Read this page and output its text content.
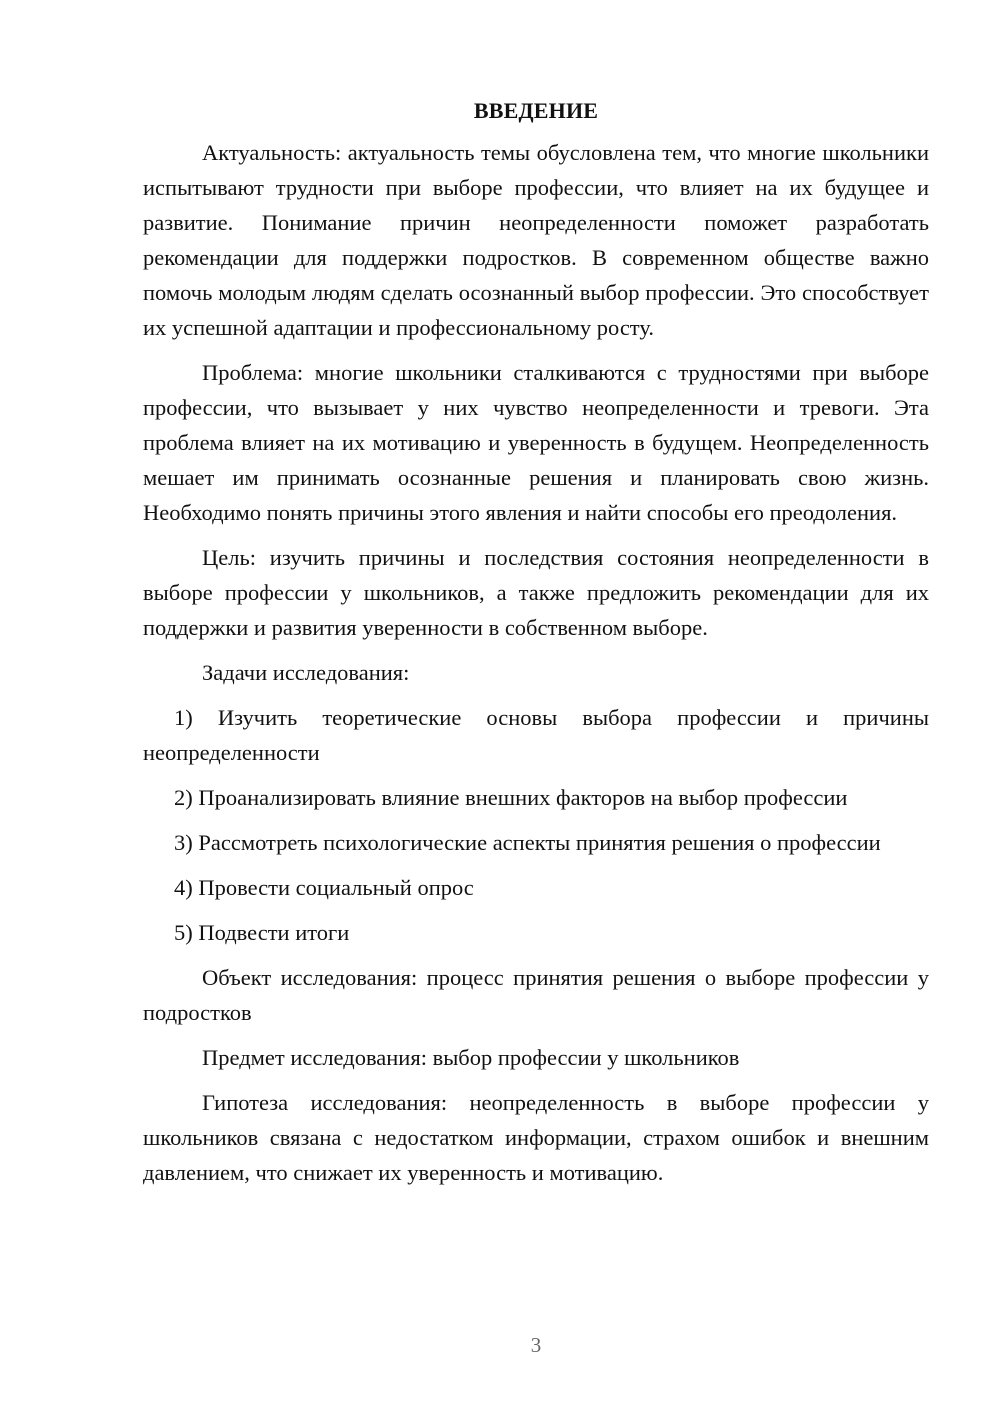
ВВЕДЕНИЕ

Актуальность: актуальность темы обусловлена тем, что многие школьники испытывают трудности при выборе профессии, что влияет на их будущее и развитие. Понимание причин неопределенности поможет разработать рекомендации для поддержки подростков. В современном обществе важно помочь молодым людям сделать осознанный выбор профессии. Это способствует их успешной адаптации и профессиональному росту.

Проблема: многие школьники сталкиваются с трудностями при выборе профессии, что вызывает у них чувство неопределенности и тревоги. Эта проблема влияет на их мотивацию и уверенность в будущем. Неопределенность мешает им принимать осознанные решения и планировать свою жизнь. Необходимо понять причины этого явления и найти способы его преодоления.

Цель: изучить причины и последствия состояния неопределенности в выборе профессии у школьников, а также предложить рекомендации для их поддержки и развития уверенности в собственном выборе.

Задачи исследования:

1) Изучить теоретические основы выбора профессии и причины неопределенности

2) Проанализировать влияние внешних факторов на выбор профессии

3) Рассмотреть психологические аспекты принятия решения о профессии

4) Провести социальный опрос

5) Подвести итоги

Объект исследования: процесс принятия решения о выборе профессии у подростков

Предмет исследования: выбор профессии у школьников

Гипотеза исследования: неопределенность в выборе профессии у школьников связана с недостатком информации, страхом ошибок и внешним давлением, что снижает их уверенность и мотивацию.

3
